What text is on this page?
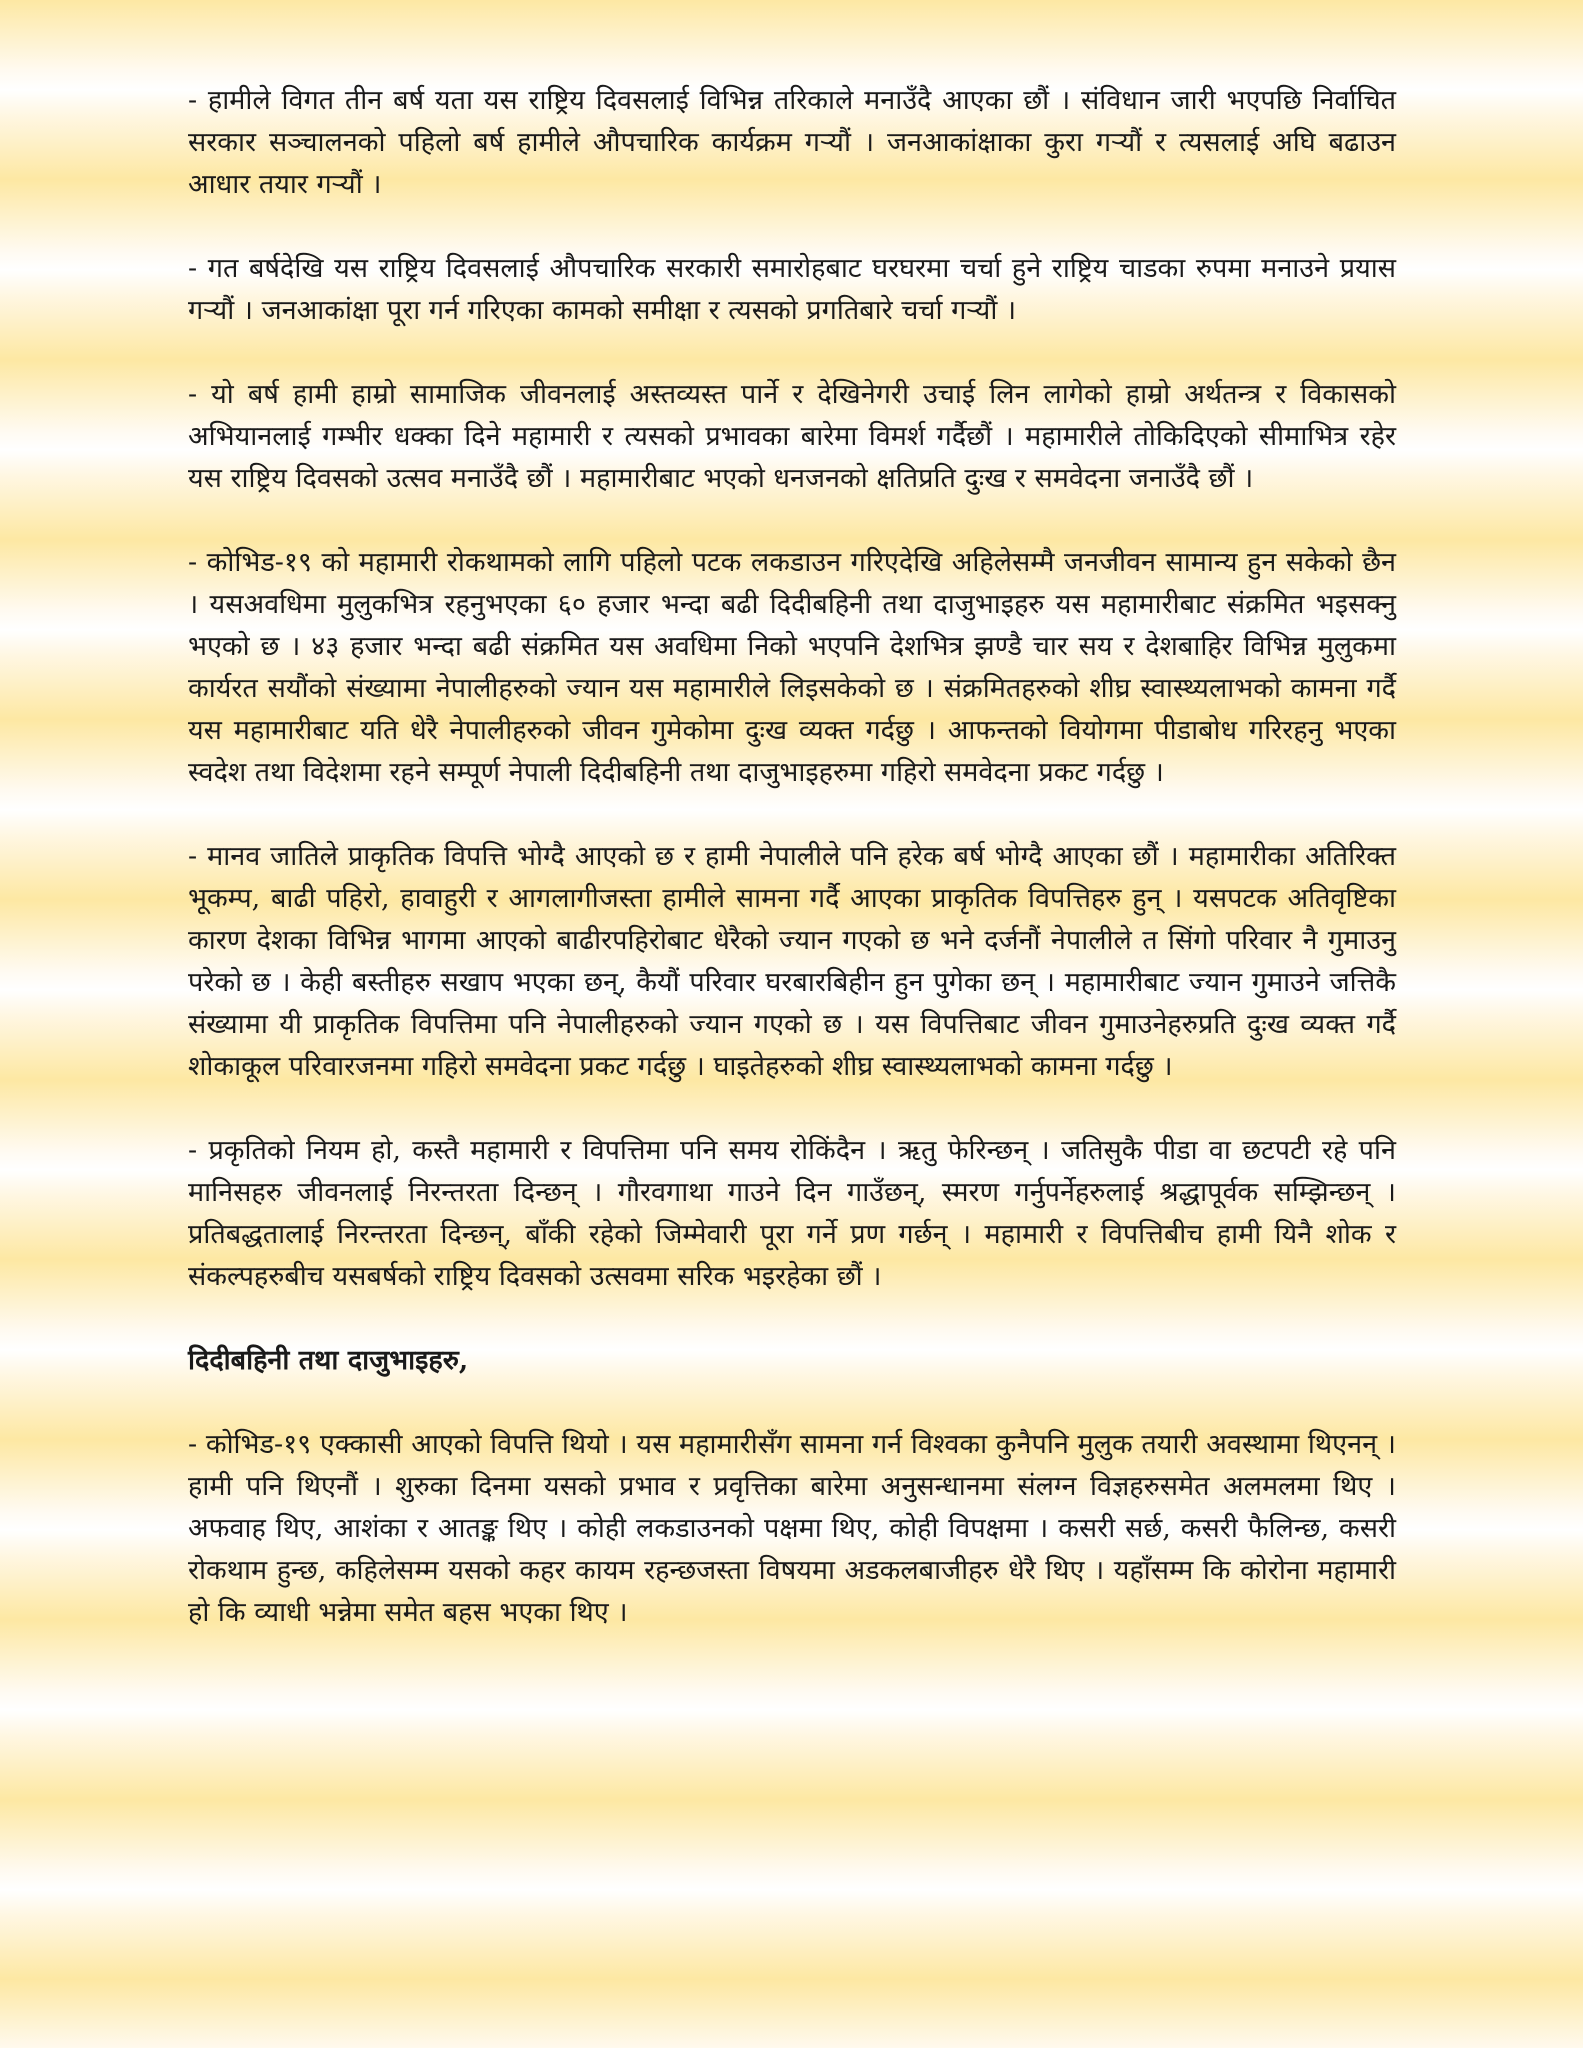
- हामीले विगत तीन बर्ष यता यस राष्ट्रिय दिवसलाई विभिन्न तरिकाले मनाउँदै आएका छौं । संविधान जारी भएपछि निर्वाचित सरकार सञ्चालनको पहिलो बर्ष हामीले औपचारिक कार्यक्रम गर्‍यौं । जनआकांक्षाका कुरा गर्‍यौं र त्यसलाई अघि बढाउन आधार तयार गर्‍यौं ।

- गत बर्षदेखि यस राष्ट्रिय दिवसलाई औपचारिक सरकारी समारोहबाट घरघरमा चर्चा हुने राष्ट्रिय चाडका रुपमा मनाउने प्रयास गर्‍यौं । जनआकांक्षा पूरा गर्न गरिएका कामको समीक्षा र त्यसको प्रगतिबारे चर्चा गर्‍यौं ।

- यो बर्ष हामी हाम्रो सामाजिक जीवनलाई अस्तव्यस्त पार्ने र देखिनेगरी उचाई लिन लागेको हाम्रो अर्थतन्त्र र विकासको अभियानलाई गम्भीर धक्का दिने महामारी र त्यसको प्रभावका बारेमा विमर्श गर्दैछौं । महामारीले तोकिदिएको सीमाभित्र रहेर यस राष्ट्रिय दिवसको उत्सव मनाउँदै छौं । महामारीबाट भएको धनजनको क्षतिप्रति दुःख र समवेदना जनाउँदै छौं ।

- कोभिड-१९ को महामारी रोकथामको लागि पहिलो पटक लकडाउन गरिएदेखि अहिलेसम्मै जनजीवन सामान्य हुन सकेको छैन । यसअवधिमा मुलुकभित्र रहनुभएका ६० हजार भन्दा बढी दिदीबहिनी तथा दाजुभाइहरु यस महामारीबाट संक्रमित भइसक्नु भएको छ । ४३ हजार भन्दा बढी संक्रमित यस अवधिमा निको भएपनि देशभित्र झण्डै चार सय र देशबाहिर विभिन्न मुलुकमा कार्यरत सयौंको संख्यामा नेपालीहरुको ज्यान यस महामारीले लिइसकेको छ । संक्रमितहरुको शीघ्र स्वास्थ्यलाभको कामना गर्दै यस महामारीबाट यति धेरै नेपालीहरुको जीवन गुमेकोमा दुःख व्यक्त गर्दछु । आफन्तको वियोगमा पीडाबोध गरिरहनु भएका स्वदेश तथा विदेशमा रहने सम्पूर्ण नेपाली दिदीबहिनी तथा दाजुभाइहरुमा गहिरो समवेदना प्रकट गर्दछु ।

- मानव जातिले प्राकृतिक विपत्ति भोग्दै आएको छ र हामी नेपालीले पनि हरेक बर्ष भोग्दै आएका छौं । महामारीका अतिरिक्त भूकम्प, बाढी पहिरो, हावाहुरी र आगलागीजस्ता हामीले सामना गर्दै आएका प्राकृतिक विपत्तिहरु हुन् । यसपटक अतिवृष्टिका कारण देशका विभिन्न भागमा आएको बाढीरपहिरोबाट धेरैको ज्यान गएको छ भने दर्जनौं नेपालीले त सिंगो परिवार नै गुमाउनु परेको छ । केही बस्तीहरु सखाप भएका छन्, कैयौं परिवार घरबारबिहीन हुन पुगेका छन् । महामारीबाट ज्यान गुमाउने जत्तिकै संख्यामा यी प्राकृतिक विपत्तिमा पनि नेपालीहरुको ज्यान गएको छ । यस विपत्तिबाट जीवन गुमाउनेहरुप्रति दुःख व्यक्त गर्दै शोकाकूल परिवारजनमा गहिरो समवेदना प्रकट गर्दछु । घाइतेहरुको शीघ्र स्वास्थ्यलाभको कामना गर्दछु ।

- प्रकृतिको नियम हो, कस्तै महामारी र विपत्तिमा पनि समय रोकिंदैन । ऋतु फेरिन्छन् । जतिसुकै पीडा वा छटपटी रहे पनि मानिसहरु जीवनलाई निरन्तरता दिन्छन् । गौरवगाथा गाउने दिन गाउँछन्, स्मरण गर्नुपर्नेहरुलाई श्रद्धापूर्वक सम्झिन्छन् । प्रतिबद्धतालाई निरन्तरता दिन्छन्, बाँकी रहेको जिम्मेवारी पूरा गर्ने प्रण गर्छन् । महामारी र विपत्तिबीच हामी यिनै शोक र संकल्पहरुबीच यसबर्षको राष्ट्रिय दिवसको उत्सवमा सरिक भइरहेका छौं ।

दिदीबहिनी तथा दाजुभाइहरु,

- कोभिड-१९ एक्कासी आएको विपत्ति थियो । यस महामारीसँग सामना गर्न विश्वका कुनैपनि मुलुक तयारी अवस्थामा थिएनन् । हामी पनि थिएनौं । शुरुका दिनमा यसको प्रभाव र प्रवृत्तिका बारेमा अनुसन्धानमा संलग्न विज्ञहरुसमेत अलमलमा थिए । अफवाह थिए, आशंका र आतङ्क थिए । कोही लकडाउनको पक्षमा थिए, कोही विपक्षमा । कसरी सर्छ, कसरी फैलिन्छ, कसरी रोकथाम हुन्छ, कहिलेसम्म यसको कहर कायम रहन्छजस्ता विषयमा अडकलबाजीहरु धेरै थिए । यहाँसम्म कि कोरोना महामारी हो कि व्याधी भन्नेमा समेत बहस भएका थिए ।
